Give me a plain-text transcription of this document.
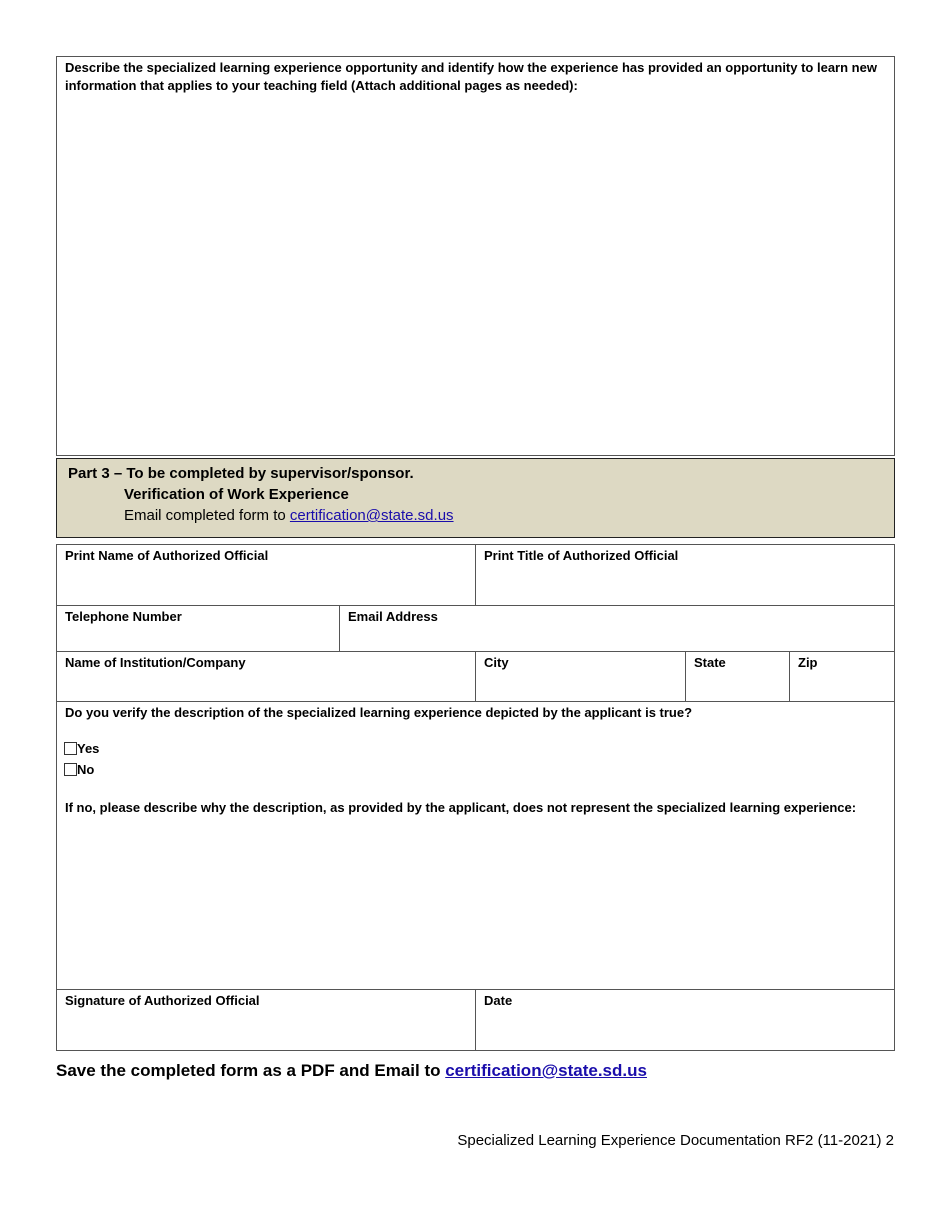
Describe the specialized learning experience opportunity and identify how the experience has provided an opportunity to learn new information that applies to your teaching field (Attach additional pages as needed):
Part 3 – To be completed by supervisor/sponsor.
Verification of Work Experience
Email completed form to certification@state.sd.us
Print Name of Authorized Official	Print Title of Authorized Official
Telephone Number	Email Address
Name of Institution/Company	City	State	Zip
Do you verify the description of the specialized learning experience depicted by the applicant is true?
If no, please describe why the description, as provided by the applicant, does not represent the specialized learning experience:
Yes
No
Signature of Authorized Official	Date
Save the completed form as a PDF and Email to certification@state.sd.us
Specialized Learning Experience Documentation RF2 (11-2021) 2
